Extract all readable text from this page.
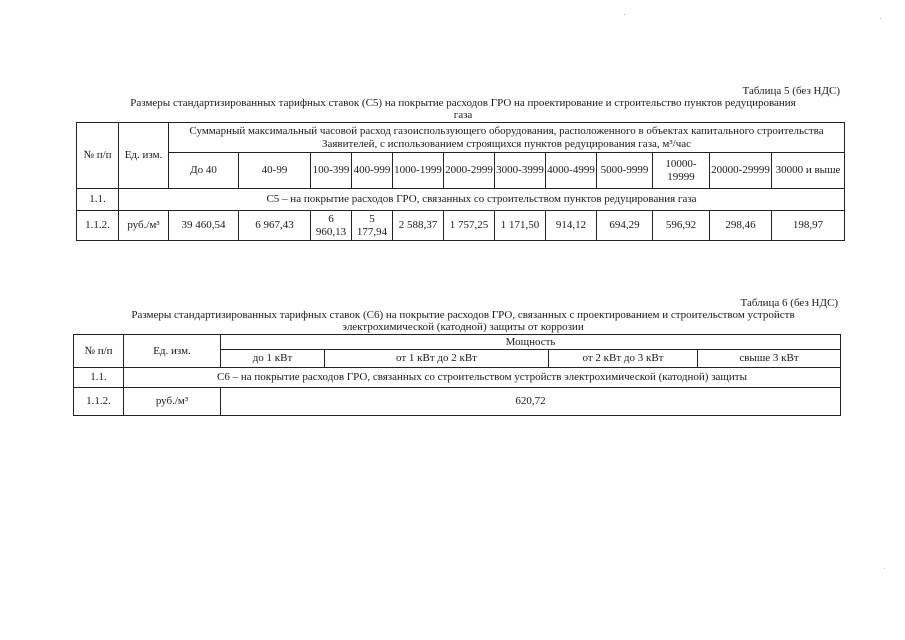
Таблица 5 (без НДС)
Размеры стандартизированных тарифных ставок (C5) на покрытие расходов ГРО на проектирование и строительство пунктов редуцирования
газа
№ п/п	Ед. изм.	Суммарный максимальный часовой расход газоиспользующего оборудования, расположенного в объектах капитального строительства Заявителей, с использованием строящихся пунктов редуцирования газа, м³/час											
		До 40	40-99	100-399	400-999	1000-1999	2000-2999	3000-3999	4000-4999	5000-9999	10000-19999	20000-29999	30000 и выше
1.1.	C5 – на покрытие расходов ГРО, связанных со строительством пунктов редуцирования газа												
1.1.2.	руб./м³	39 460,54	6 967,43	6 960,13	5 177,94	2 588,37	1 757,25	1 171,50	914,12	694,29	596,92	298,46	198,97
Таблица 6 (без НДС)
Размеры стандартизированных тарифных ставок (C6) на покрытие расходов ГРО, связанных с проектированием и строительством устройств
электрохимической (катодной) защиты от коррозии
№ п/п	Ед. изм.	Мощность			
		до 1 кВт	от 1 кВт до 2 кВт	от 2 кВт до 3 кВт	свыше 3 кВт
1.1.	C6 – на покрытие расходов ГРО, связанных со строительством устройств электрохимической (катодной) защиты				
1.1.2.	руб./м³	620,72			
